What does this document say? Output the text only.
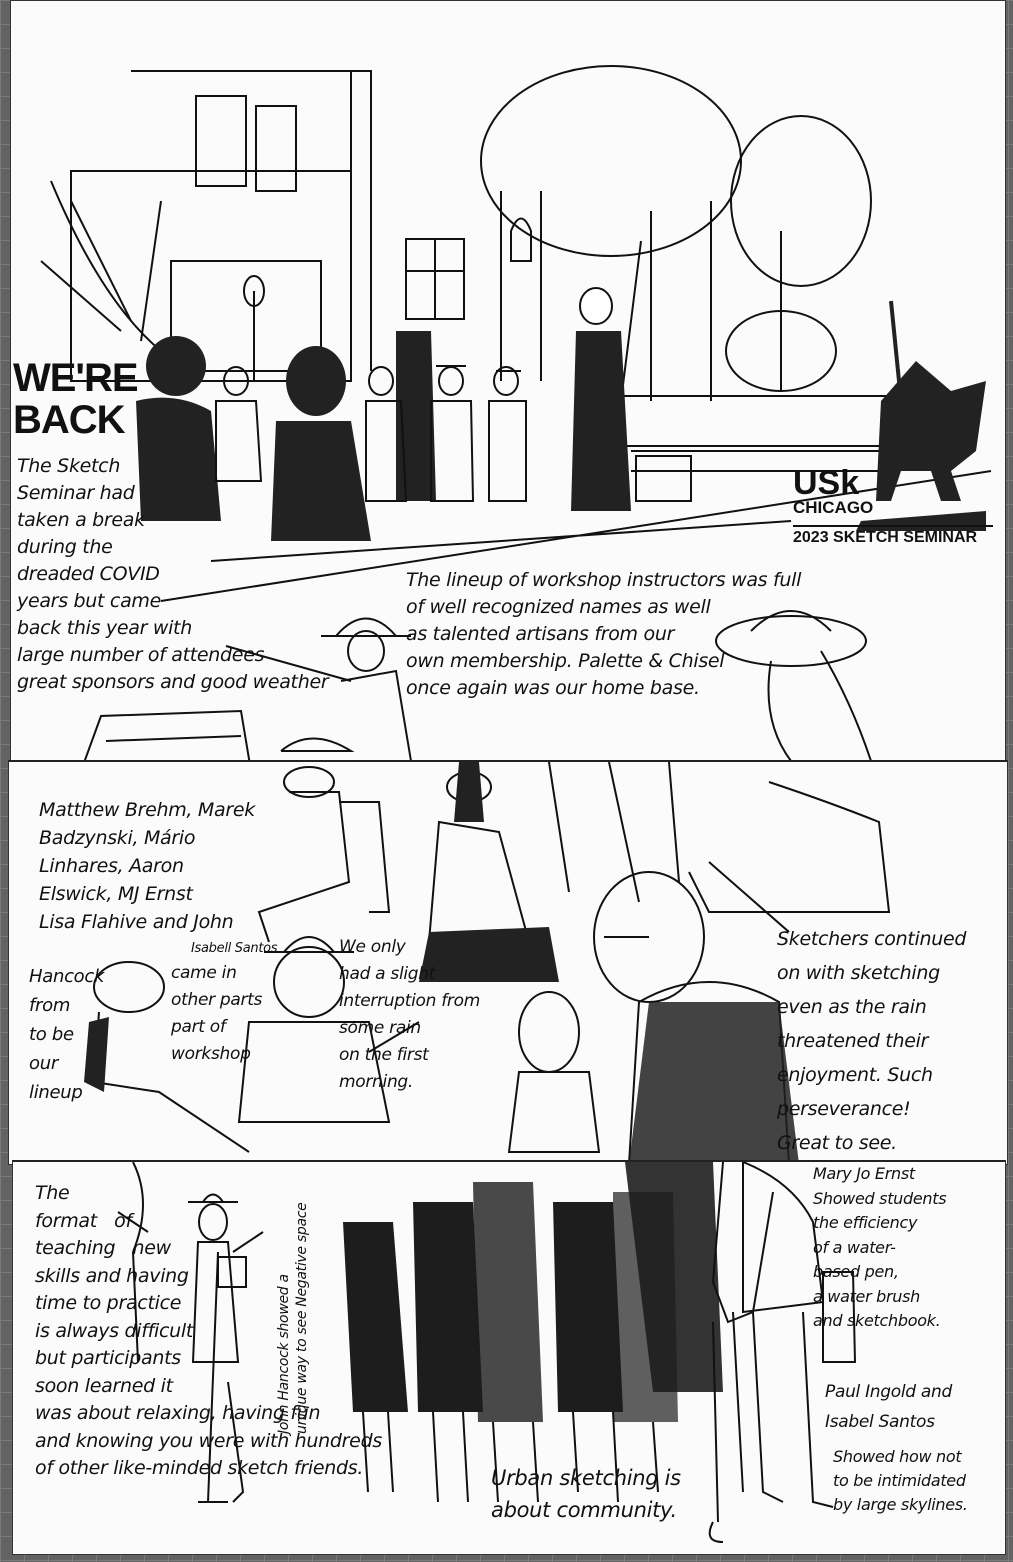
WE'RE
BACK
The Sketch
Seminar had
taken a break
during the
dreaded COVID
years but came
back this year with
large number of attendees
great sponsors and good weather
USk
CHICAGO
2023 SKETCH SEMINAR
The lineup of workshop instructors was full
of well recognized names as well
as talented artisans from our
own membership. Palette & Chisel
once again was our home base.
Matthew Brehm, Marek
Badzynski, Mário
Linhares, Aaron
Elswick, MJ Ernst
Lisa Flahive and John
Isabell Santos
Hancock
from
to be
our
lineup
came in
other parts
part of
workshop
We only
had a slight
interruption from
some rain
on the first
morning.
Sketchers continued
on with sketching
even as the rain
threatened their
enjoyment. Such
perseverance!
Great to see.
The
format   of
teaching   new
skills and having
time to practice
is always difficult
but participants
soon learned it
was about relaxing, having fun
and knowing you were with hundreds
of other like-minded sketch friends.
John Hancock showed a
unique way to see Negative space
Urban sketching is
about community.
Mary Jo Ernst
Showed students
the efficiency
of a water-
based pen,
a water brush
and sketchbook.
Paul Ingold and
Isabel Santos
Showed how not
to be intimidated
by large skylines.
